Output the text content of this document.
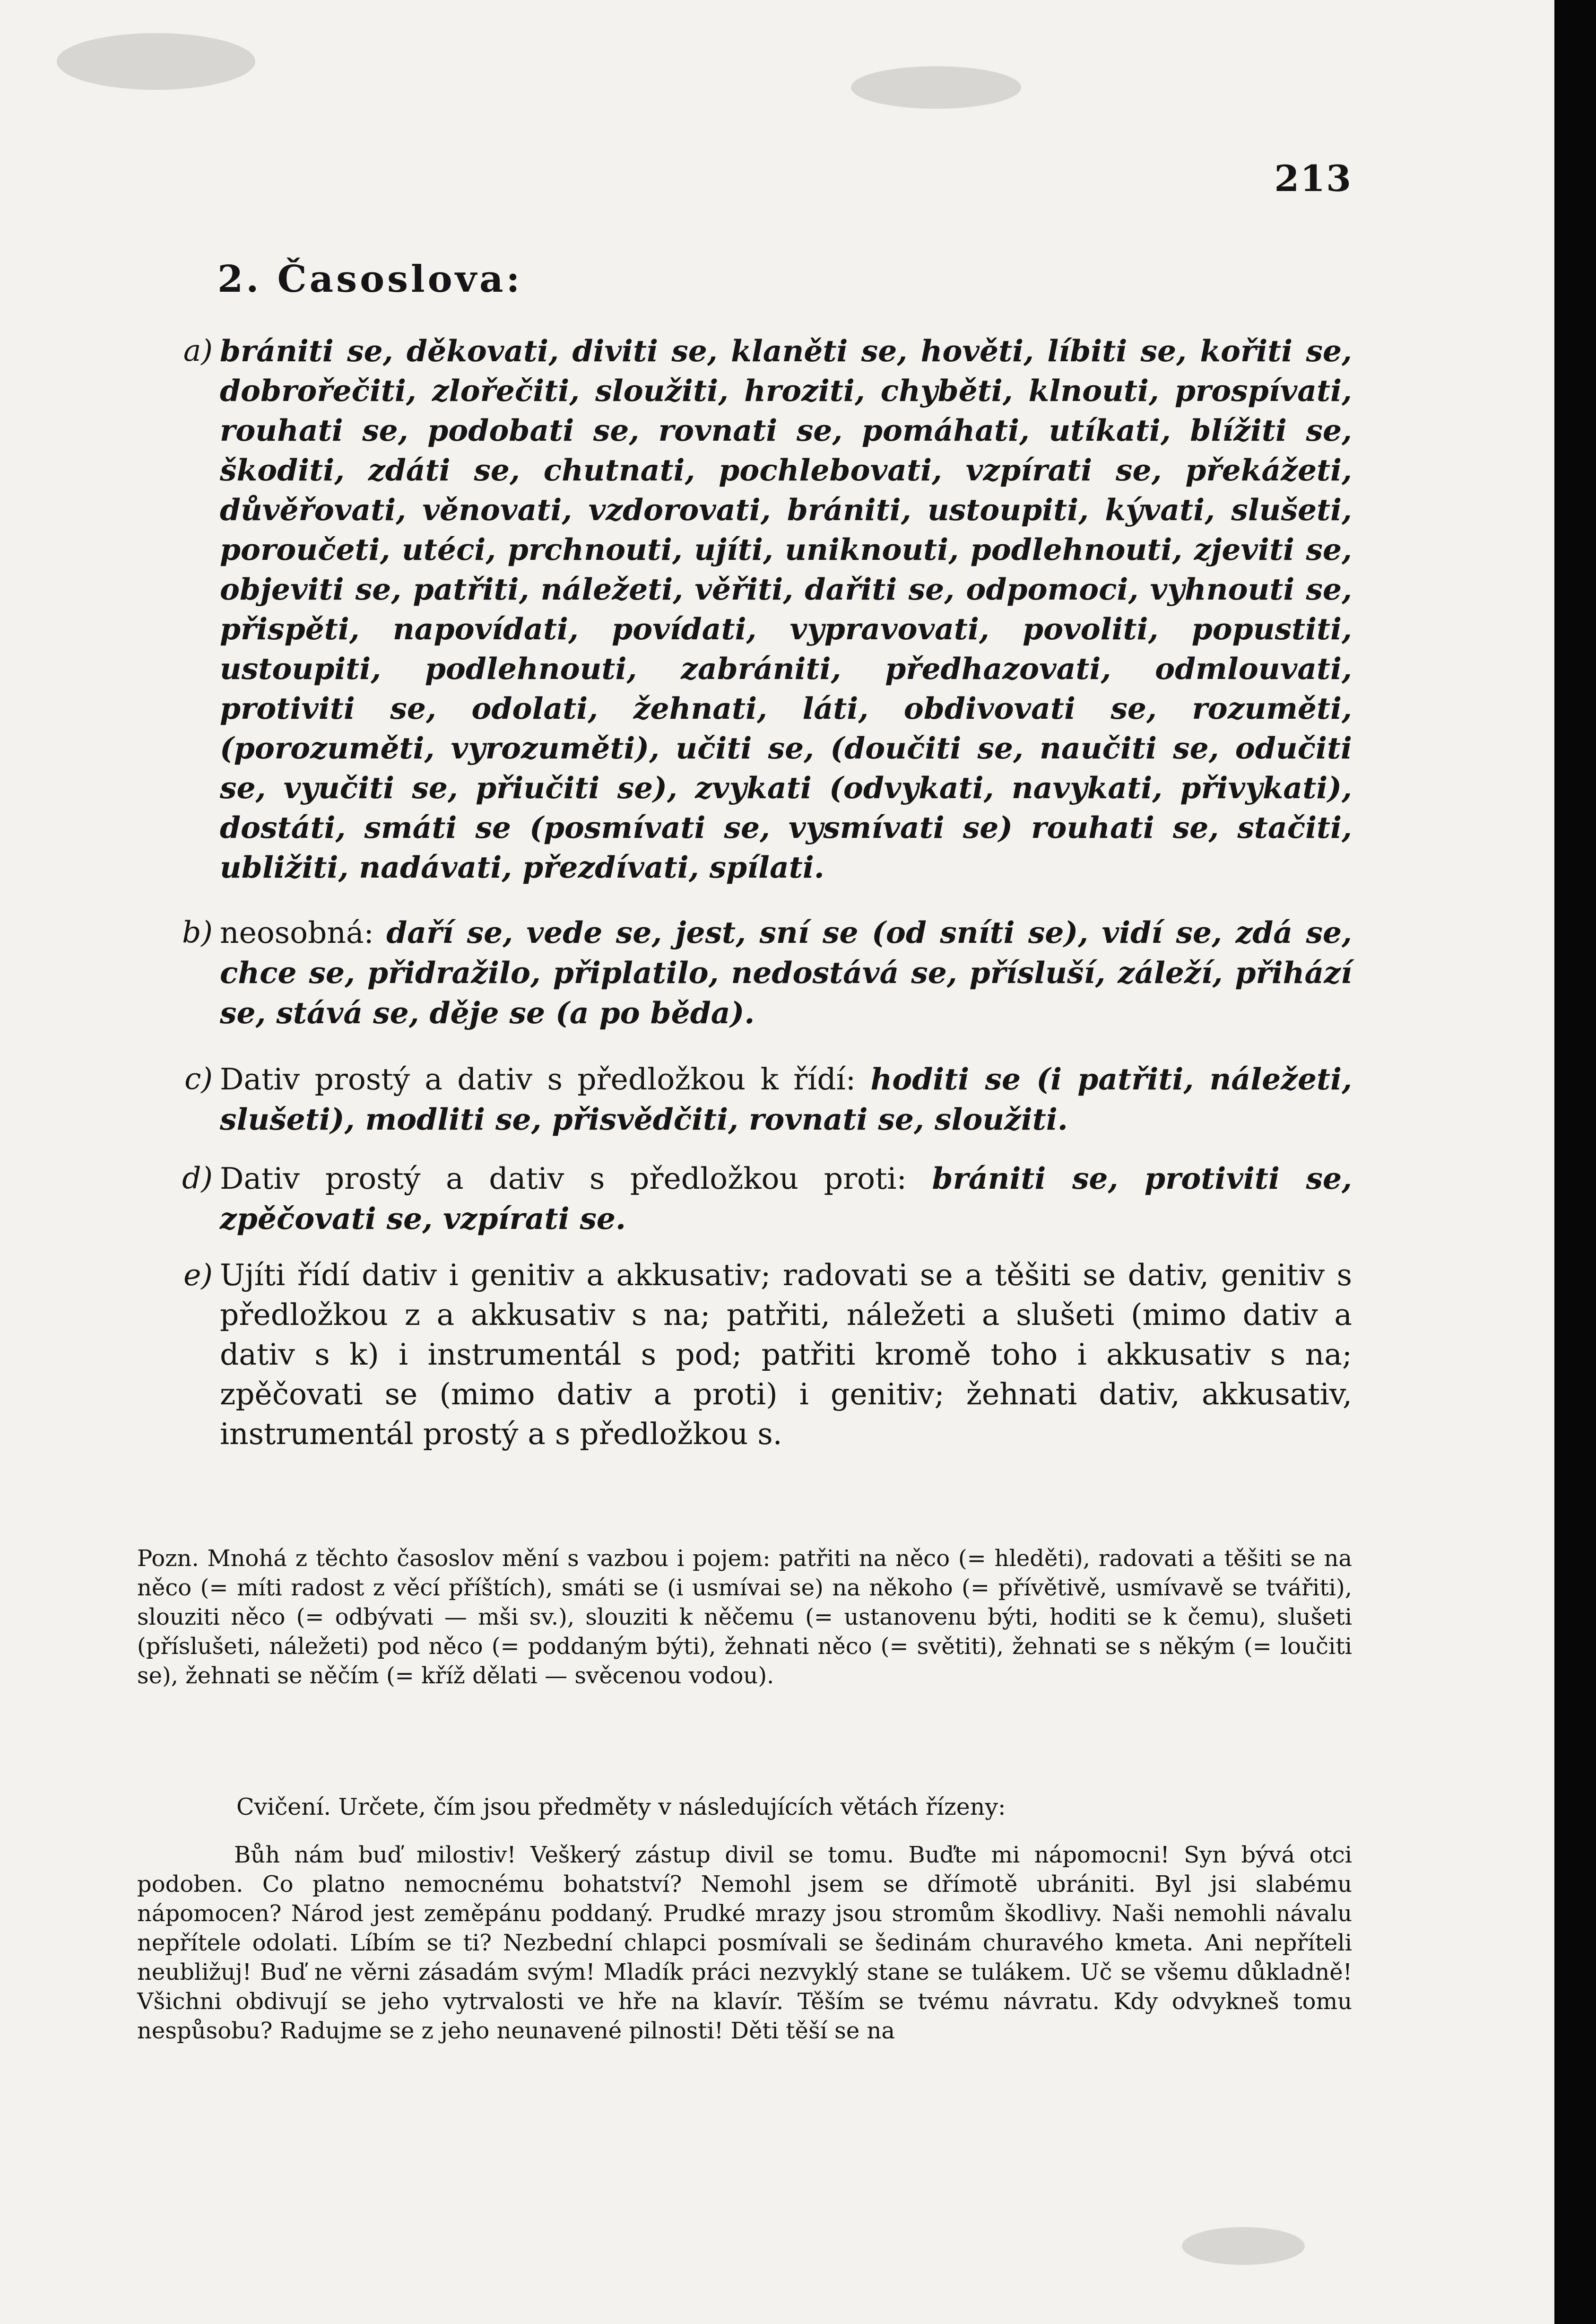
213
2. Časoslova:
a) brániti se, děkovati, diviti se, klaněti se, hověti, líbiti se, kořiti se, dobrořečiti, zlořečiti, sloužiti, hroziti, chyběti, klnouti, prospívati, rouhati se, podobati se, rovnati se, pomáhati, utíkati, blížiti se, škoditi, zdáti se, chutnati, pochlebovati, vzpírati se, překážeti, důvěřovati, věnovati, vzdorovati, brániti, ustoupiti, kývati, slušeti, poroučeti, utéci, prchnouti, ujíti, uniknouti, podlehnouti, zjeviti se, objeviti se, patřiti, náležeti, věřiti, dařiti se, odpomoci, vyhnouti se, přispěti, napovídati, povídati, vypravovati, povoliti, popustiti, ustoupiti, podlehnouti, zabrániti, předhazovati, odmlouvati, protiviti se, odolati, žehnati, láti, obdivovati se, rozuměti, (porozuměti, vyrozuměti), učiti se, (doučiti se, naučiti se, odučiti se, vyučiti se, přiučiti se), zvykati (odvykati, navykati, přivykati), dostáti, smáti se (posmívati se, vysmívati se) rouhati se, stačiti, ubližiti, nadávati, přezdívati, spílati.
b) neosobná: daří se, vede se, jest, sní se (od sníti se), vidí se, zdá se, chce se, přidražilo, připlatilo, nedostává se, přísluší, záleží, přihází se, stává se, děje se (a po běda).
c) Dativ prostý a dativ s předložkou k řídí: hoditi se (i patřiti, náležeti, slušeti), modliti se, přisvědčiti, rovnati se, sloužiti.
d) Dativ prostý a dativ s předložkou proti: brániti se, protiviti se, zpěčovati se, vzpírati se.
e) Ujíti řídí dativ i genitiv a akkusativ; radovati se a těšiti se dativ, genitiv s předložkou z a akkusativ s na; patřiti, náležeti a slušeti (mimo dativ a dativ s k) i instrumentál s pod; patřiti kromě toho i akkusativ s na; zpěčovati se (mimo dativ a proti) i genitiv; žehnati dativ, akkusativ, instrumentál prostý a s předložkou s.
Pozn. Mnohá z těchto časoslov mění s vazbou i pojem: patřiti na něco (= hleděti), radovati a těšiti se na něco (= míti radost z věcí příštích), smáti se (i usmívai se) na někoho (= přívětivě, usmívavě se tvářiti), slouziti něco (= odbývati — mši sv.), slouziti k něčemu (= ustanovenu býti, hoditi se k čemu), slušeti (příslušeti, náležeti) pod něco (= poddaným býti), žehnati něco (= světiti), žehnati se s někým (= loučiti se), žehnati se něčím (= kříž dělati — svěcenou vodou).
Cvičení. Určete, čím jsou předměty v následujících větách řízeny:
Bůh nám buď milostiv! Veškerý zástup divil se tomu. Buďte mi nápomocni! Syn bývá otci podoben. Co platno nemocnému bohatství? Nemohl jsem se dřímotě ubrániti. Byl jsi slabému nápomocen? Národ jest zeměpánu poddaný. Prudké mrazy jsou stromům škodlivy. Naši nemohli návalu nepřítele odolati. Líbím se ti? Nezbední chlapci posmívali se šedinám churavého kmeta. Ani nepříteli neubližuj! Buď ne věrni zásadám svým! Mladík práci nezvyklý stane se tulákem. Uč se všemu důkladně! Všichni obdivují se jeho vytrvalosti ve hře na klavír. Těším se tvému návratu. Kdy odvykneš tomu nespůsobu? Radujme se z jeho neunavené pilnosti! Děti těší se na
